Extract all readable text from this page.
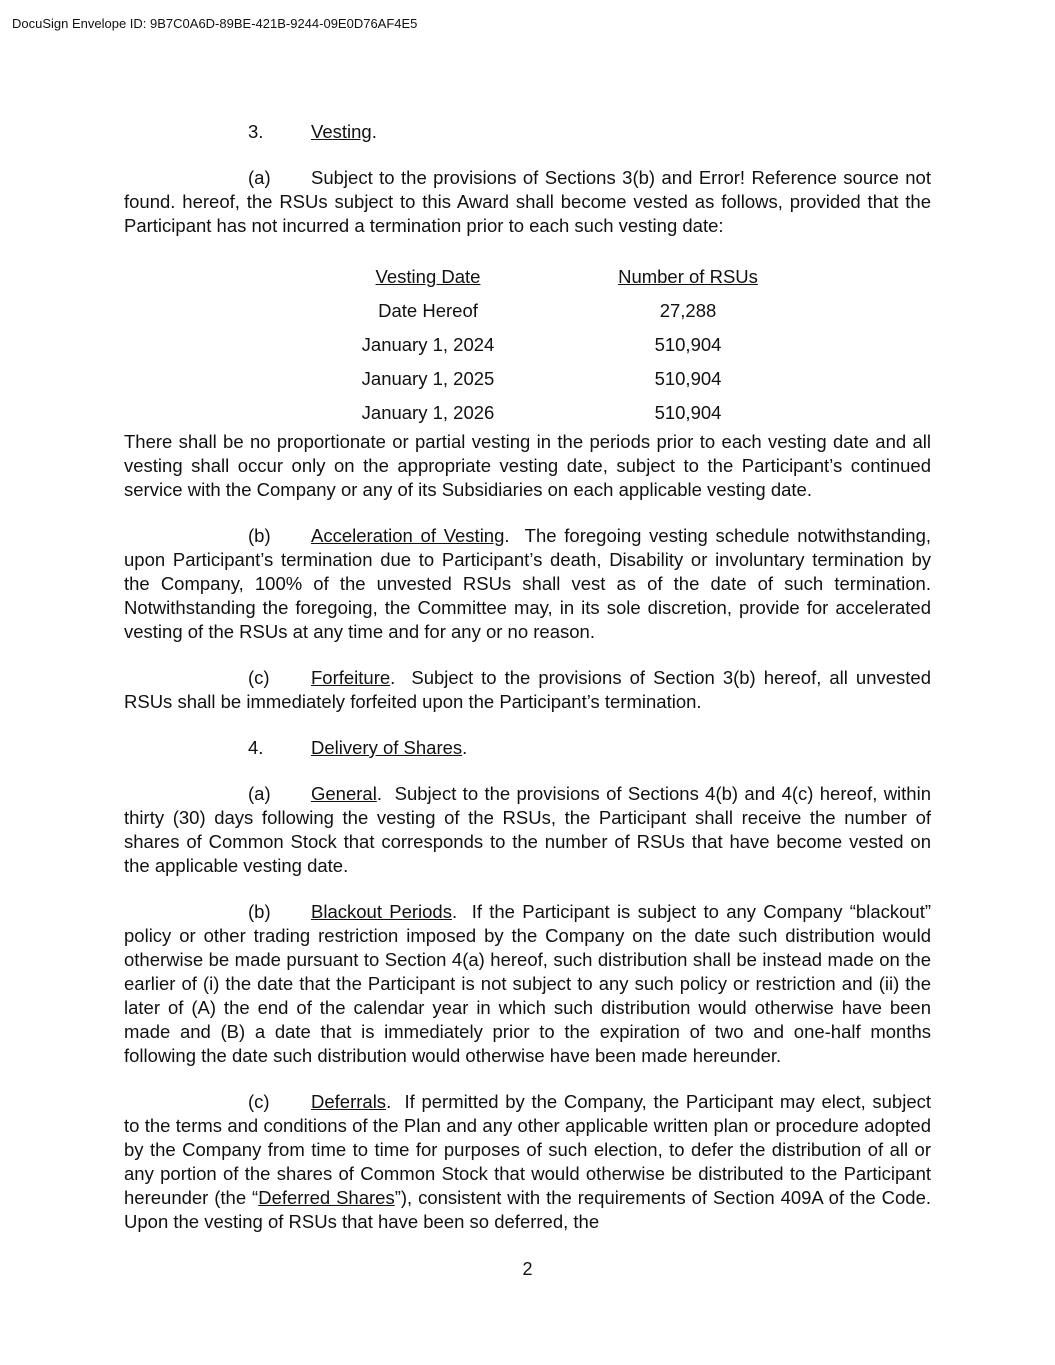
DocuSign Envelope ID: 9B7C0A6D-89BE-421B-9244-09E0D76AF4E5
3.	Vesting.

(a) Subject to the provisions of Sections 3(b) and Error! Reference source not found. hereof, the RSUs subject to this Award shall become vested as follows, provided that the Participant has not incurred a termination prior to each such vesting date:

Vesting Date	Number of RSUs
Date Hereof	27,288
January 1, 2024	510,904
January 1, 2025	510,904
January 1, 2026	510,904

There shall be no proportionate or partial vesting in the periods prior to each vesting date and all vesting shall occur only on the appropriate vesting date, subject to the Participant’s continued service with the Company or any of its Subsidiaries on each applicable vesting date.

(b) Acceleration of Vesting.  The foregoing vesting schedule notwithstanding, upon Participant’s termination due to Participant’s death, Disability or involuntary termination by the Company, 100% of the unvested RSUs shall vest as of the date of such termination. Notwithstanding the foregoing, the Committee may, in its sole discretion, provide for accelerated vesting of the RSUs at any time and for any or no reason.

(c) Forfeiture.  Subject to the provisions of Section 3(b) hereof, all unvested RSUs shall be immediately forfeited upon the Participant’s termination.

4.	Delivery of Shares.

(a) General.  Subject to the provisions of Sections 4(b) and 4(c) hereof, within thirty (30) days following the vesting of the RSUs, the Participant shall receive the number of shares of Common Stock that corresponds to the number of RSUs that have become vested on the applicable vesting date.

(b) Blackout Periods.  If the Participant is subject to any Company “blackout” policy or other trading restriction imposed by the Company on the date such distribution would otherwise be made pursuant to Section 4(a) hereof, such distribution shall be instead made on the earlier of (i) the date that the Participant is not subject to any such policy or restriction and (ii) the later of (A) the end of the calendar year in which such distribution would otherwise have been made and (B) a date that is immediately prior to the expiration of two and one-half months following the date such distribution would otherwise have been made hereunder.

(c) Deferrals.  If permitted by the Company, the Participant may elect, subject to the terms and conditions of the Plan and any other applicable written plan or procedure adopted by the Company from time to time for purposes of such election, to defer the distribution of all or any portion of the shares of Common Stock that would otherwise be distributed to the Participant hereunder (the “Deferred Shares”), consistent with the requirements of Section 409A of the Code. Upon the vesting of RSUs that have been so deferred, the

2
